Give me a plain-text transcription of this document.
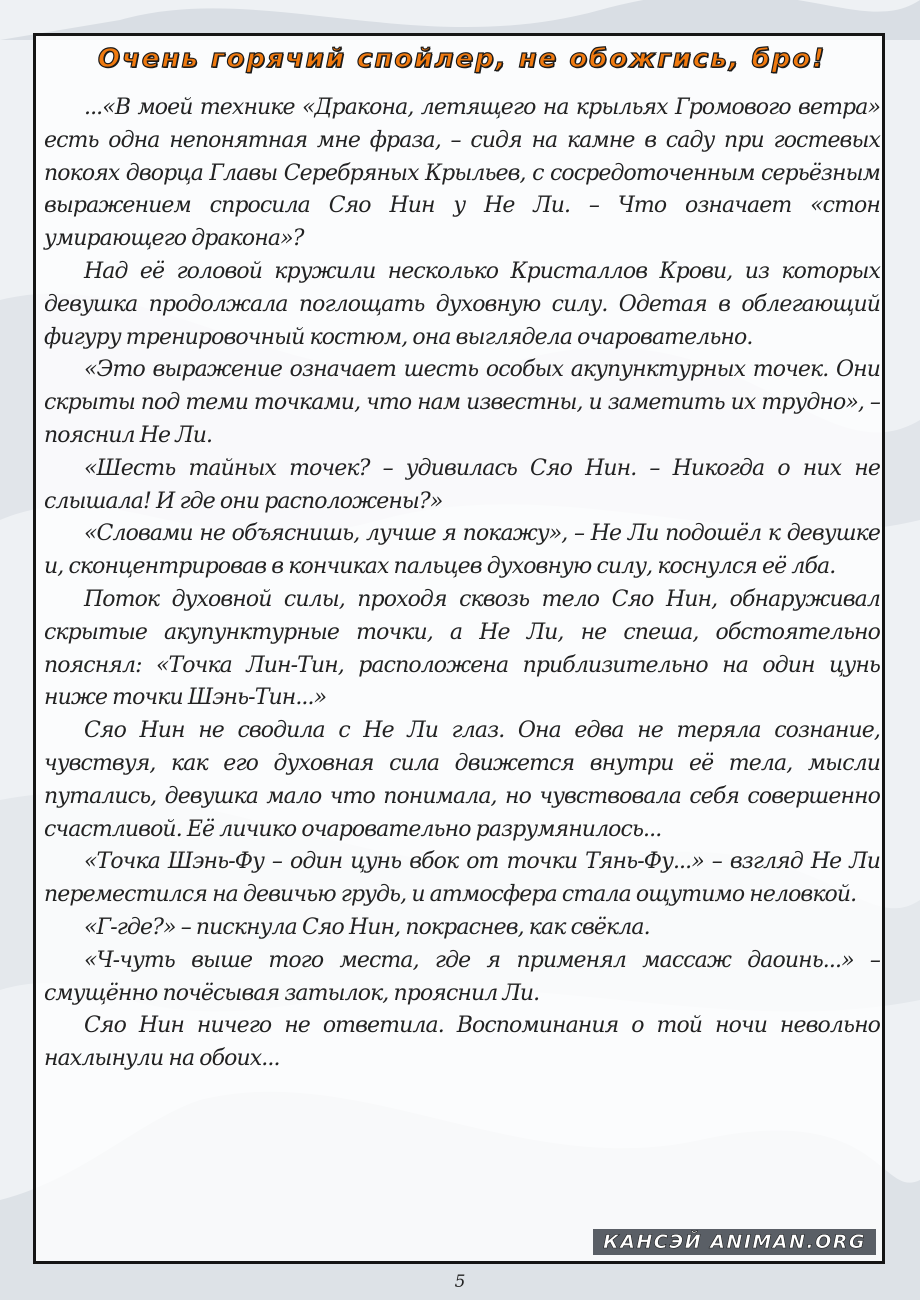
Очень горячий спойлер, не обожгись, бро!

...«В моей технике «Дракона, летящего на крыльях Громового ветра» есть одна непонятная мне фраза, – сидя на камне в саду при гостевых покоях дворца Главы Серебряных Крыльев, с сосредоточенным серьёзным выражением спросила Сяо Нин у Не Ли. – Что означает «стон умирающего дракона»?

Над её головой кружили несколько Кристаллов Крови, из которых девушка продолжала поглощать духовную силу. Одетая в облегающий фигуру тренировочный костюм, она выглядела очаровательно.

«Это выражение означает шесть особых акупунктурных точек. Они скрыты под теми точками, что нам известны, и заметить их трудно», – пояснил Не Ли.

«Шесть тайных точек? – удивилась Сяо Нин. – Никогда о них не слышала! И где они расположены?»

«Словами не объяснишь, лучше я покажу», – Не Ли подошёл к девушке и, сконцентрировав в кончиках пальцев духовную силу, коснулся её лба.

Поток духовной силы, проходя сквозь тело Сяо Нин, обнаруживал скрытые акупунктурные точки, а Не Ли, не спеша, обстоятельно пояснял: «Точка Лин-Тин, расположена приблизительно на один цунь ниже точки Шэнь-Тин...»

Сяо Нин не сводила с Не Ли глаз. Она едва не теряла сознание, чувствуя, как его духовная сила движется внутри её тела, мысли путались, девушка мало что понимала, но чувствовала себя совершенно счастливой. Её личико очаровательно разрумянилось...

«Точка Шэнь-Фу – один цунь вбок от точки Тянь-Фу...» – взгляд Не Ли переместился на девичью грудь, и атмосфера стала ощутимо неловкой.

«Г-где?» – пискнула Сяо Нин, покраснев, как свёкла.

«Ч-чуть выше того места, где я применял массаж даоинь...» – смущённо почёсывая затылок, прояснил Ли.

Сяо Нин ничего не ответила. Воспоминания о той ночи невольно нахлынули на обоих...

КАНСЭЙ ANIMAN.ORG
5
